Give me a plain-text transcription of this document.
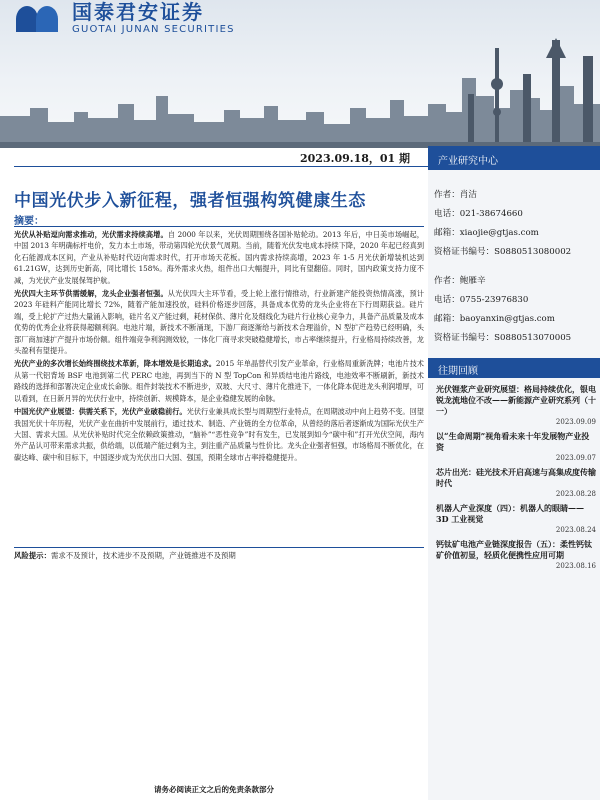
国泰君安证券
GUOTAI JUNAN SECURITIES
2023.09.18，01 期
中国光伏步入新征程，强者恒强构筑健康生态
摘要：

光伏从补贴逗向需求推动，光伏需求持续高增。自 2000 年以来，光伏周期围绕各国补贴轮动。2013 年后，中日美市场崛起，中国 2013 年明确标杆电价，发力本土市场，带动第四轮光伏景气周期。当前，随着光伏发电成本持续下降，2020 年起已经真到化石能源成本区间，产业从补贴时代迈向需求时代，打开市场天花板。国内需求持续高增，2023 年 1-5 月光伏新增装机达到 61.21GW，达到历史新高，同比增长 158%。海外需求火热，组件出口大幅提升，同比有望翻倍。同时，国内政策支持力度不减，为光伏产业发展保驾护航。

光伏四大主环节供需缓解，龙头企业强者恒强。从光伏四大主环节看，受上轮上涨行情推动，行业新建产能投资热情高涨，预计 2023 年硅料产能同比增长 72%，随着产能加速投放，硅料价格逐步回落，具备成本优势的龙头企业将在下行周期获益。硅片端，受上轮扩产过热大量涌入影响，硅片名义产能过剩，耗材保供、薄片化及细线化为硅片行业核心竞争力，具备产品质量及成本优势的优秀企业将获得超额利润。电池片端，新技术不断涌现，下游厂商逐渐给与新技术合理溢价，N 型扩产趋势已经明确，头部厂商加速扩产提升市场份额。组件端竞争利润测效较，一体化厂商寻求突破稳健增长，市占率继续提升，行业格局持续改善，龙头盈利有望提升。

光伏产业的多次增长始终围绕技术革新，降本增效是长期追求。2015 年单晶替代引发产业革命，行业格局重新洗牌；电池片技术从第一代铝背场 BSF 电池到第二代 PERC 电池，再到当下的 N 型 TopCon 和异质结电池片路线，电池效率不断刷新，新技术路线的选择和部署决定企业成长命脉。组件封装技术不断进步，双玻、大尺寸、薄片化推进下，一体化降本促进龙头利润增厚，可以看到，在日新月异的光伏行业中，持续创新、规模降本，是企业稳健发展的命脉。

中国光伏产业展望：供需关系下，光伏产业破稳前行。光伏行业兼具成长型与周期型行业特点，在周期波动中向上趋势不变。回望我国光伏十年历程，光伏产业在曲折中发展前行，通过技术、制造、产业链的全方位革命，从曾经的落后者逐渐成为国际光伏生产大国、需求大国。从光伏补贴时代完全依赖政策推动，“脑补”“恶性竞争”时有发生，已发展到如今“碳中和”打开光伏空间，海内外产品认可带来需求共振，供给端，以低端产能过剩为主，到注重产品质量与性价比。龙头企业强者恒强，市场格局不断优化，在碳达峰、碳中和目标下，中国逐步成为光伏出口大国、强国，预期全球市占率持稳健提升。

风险提示：需求不及预计，技术进步不及预期，产业链推进不及预期
产业研究中心
作者：肖洁
电话：021-38674660
邮箱：xiaojie@gtjas.com
资格证书编号：S0880513080002
作者：鲍雁辛
电话：0755-23976830
邮箱：baoyanxin@gtjas.com
资格证书编号：S0880513070005
往期回顾
光伏锂浆产业研究展望：格局持续优化，银电锐龙流地位不改——新能源产业研究系列（十一）
2023.09.09
以“生命周期”视角看未来十年发展物产业投资
2023.09.07
芯片出光：硅光技术开启高速与高集成度传输时代
2023.08.28
机器人产业深度（四）：机器人的眼睛——3D 工业视觉
2023.08.24
钙钛矿电池产业链深度报告（五）：柔性钙钛矿价值初显，轻质化便携性应用可期
2023.08.16
请务必阅读正文之后的免责条款部分
